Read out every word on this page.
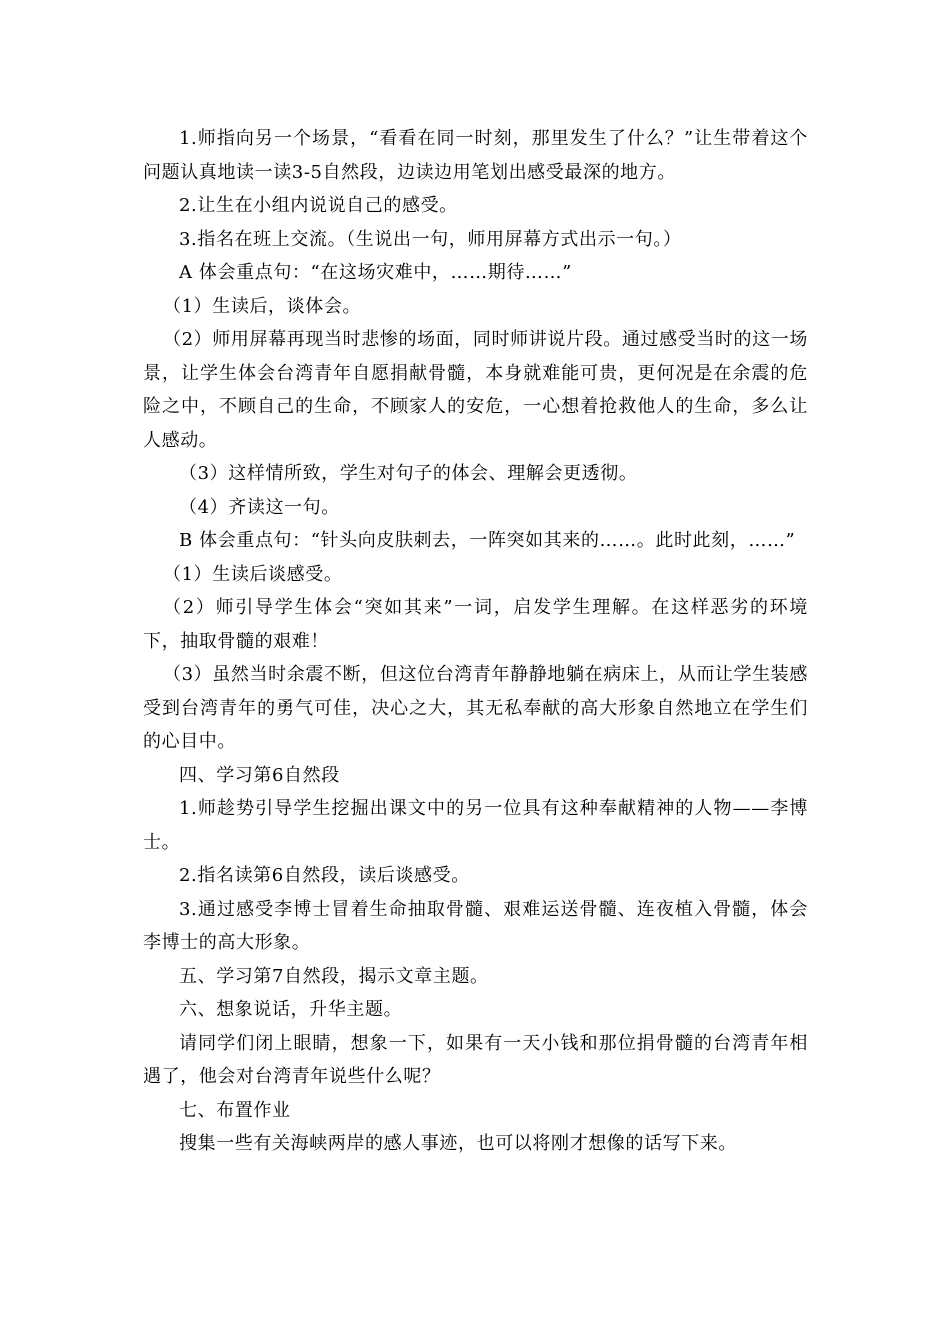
1.师指向另一个场景，“看看在同一时刻，那里发生了什么？”让生带着这个问题认真地读一读3-5自然段，边读边用笔划出感受最深的地方。

2.让生在小组内说说自己的感受。

3.指名在班上交流。（生说出一句，师用屏幕方式出示一句。）

A 体会重点句：“在这场灾难中，……期待……”

（1）生读后，谈体会。

（2）师用屏幕再现当时悲惨的场面，同时师讲说片段。通过感受当时的这一场景，让学生体会台湾青年自愿捐献骨髓，本身就难能可贵，更何况是在余震的危险之中，不顾自己的生命，不顾家人的安危，一心想着抢救他人的生命，多么让人感动。

（3）这样情所致，学生对句子的体会、理解会更透彻。

（4）齐读这一句。

B 体会重点句：“针头向皮肤刺去，一阵突如其来的……。此时此刻，……”

（1）生读后谈感受。

（2）师引导学生体会“突如其来”一词，启发学生理解。在这样恶劣的环境下，抽取骨髓的艰难！

（3）虽然当时余震不断，但这位台湾青年静静地躺在病床上，从而让学生装感受到台湾青年的勇气可佳，决心之大，其无私奉献的高大形象自然地立在学生们的心目中。

四、学习第6自然段

1.师趁势引导学生挖掘出课文中的另一位具有这种奉献精神的人物——李博士。

2.指名读第6自然段，读后谈感受。

3.通过感受李博士冒着生命抽取骨髓、艰难运送骨髓、连夜植入骨髓，体会李博士的高大形象。

五、学习第7自然段，揭示文章主题。

六、想象说话，升华主题。

请同学们闭上眼睛，想象一下，如果有一天小钱和那位捐骨髓的台湾青年相遇了，他会对台湾青年说些什么呢？

七、布置作业

搜集一些有关海峡两岸的感人事迹，也可以将刚才想像的话写下来。
